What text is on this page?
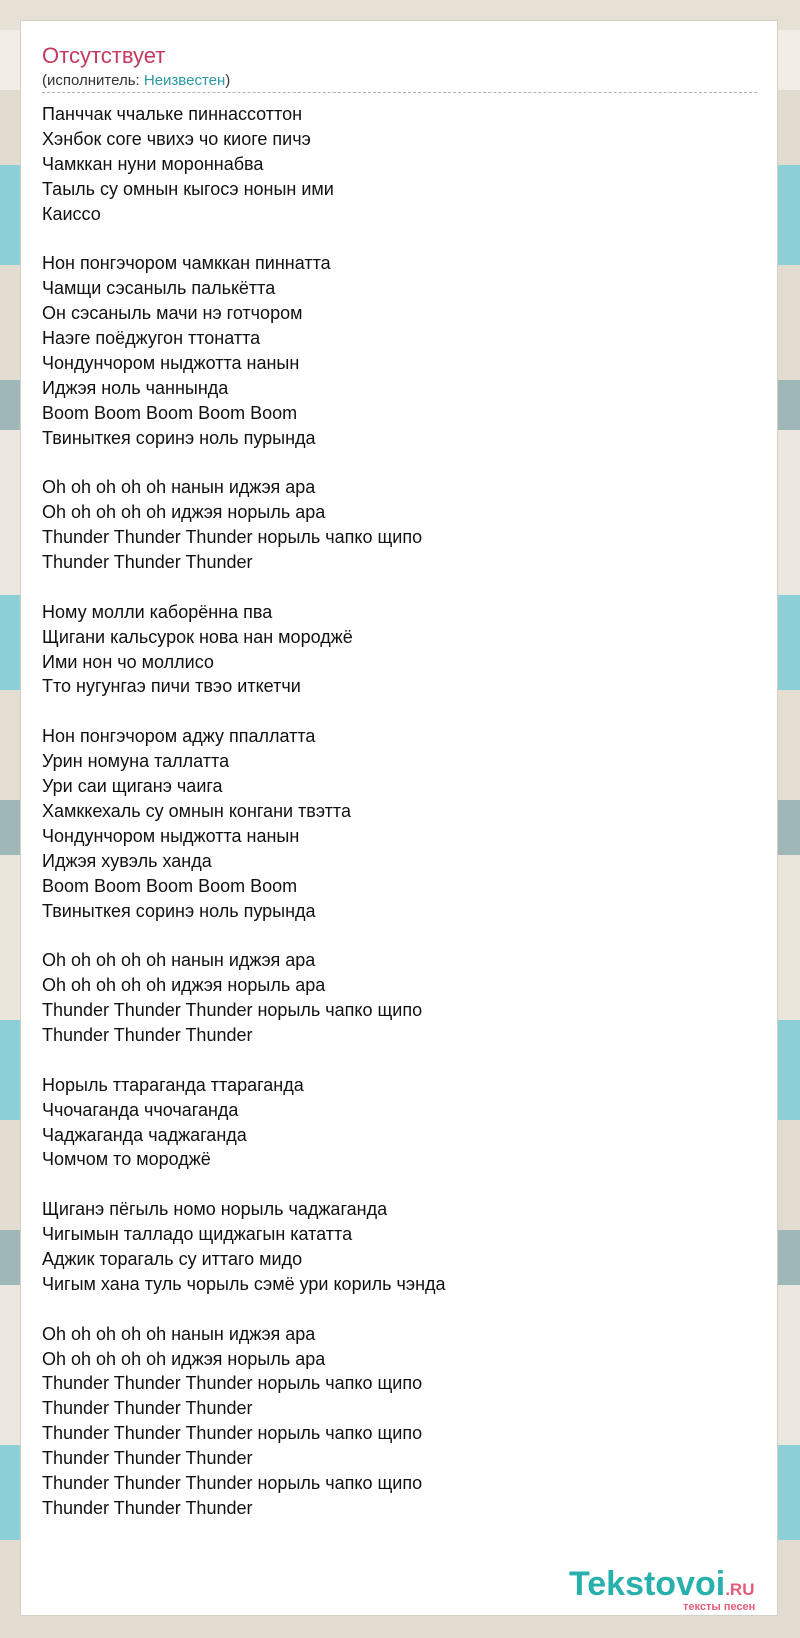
Отсутствует
(исполнитель: Неизвестен)
Панччак ччальке пиннассоттон
Хэнбок соге чвихэ чо киоге пичэ
Чамккан нуни мороннабва
Таыль су омнын кыгосэ нонын ими
Каиссо
Нон понгэчором чамккан пиннатта
Чамщи сэсаныль палькётта
Он сэсаныль мачи нэ готчором
Наэге поёджугон ттонатта
Чондунчором ныджотта нанын
Иджэя ноль чаннында
Boom Boom Boom Boom Boom
Твиныткея соринэ ноль пурында
Oh oh oh oh oh нанын иджэя ара
Oh oh oh oh oh иджэя норыль ара
Thunder Thunder Thunder норыль чапко щипо
Thunder Thunder Thunder
Ному молли каборённа пва
Щигани кальсурок нова нан мороджё
Ими нон чо моллисо
Тто нугунгаэ пичи твэо иткетчи
Нон понгэчором аджу ппаллатта
Урин номуна таллатта
Ури саи щиганэ чаига
Хамккехаль су омнын конгани твэтта
Чондунчором ныджотта нанын
Иджэя хувэль ханда
Boom Boom Boom Boom Boom
Твиныткея соринэ ноль пурында
Oh oh oh oh oh нанын иджэя ара
Oh oh oh oh oh иджэя норыль ара
Thunder Thunder Thunder норыль чапко щипо
Thunder Thunder Thunder
Норыль ттараганда ттараганда
Ччочаганда ччочаганда
Чаджаганда чаджаганда
Чомчом то мороджё
Щиганэ пёгыль номо норыль чаджаганда
Чигымын талладо щиджагын кататта
Аджик торагаль су иттаго мидо
Чигым хана туль чорыль сэмё ури кориль чэнда
Oh oh oh oh oh нанын иджэя ара
Oh oh oh oh oh иджэя норыль ара
Thunder Thunder Thunder норыль чапко щипо
Thunder Thunder Thunder
Thunder Thunder Thunder норыль чапко щипо
Thunder Thunder Thunder
Thunder Thunder Thunder норыль чапко щипо
Thunder Thunder Thunder
Tekstovoi.RU
тексты песен
